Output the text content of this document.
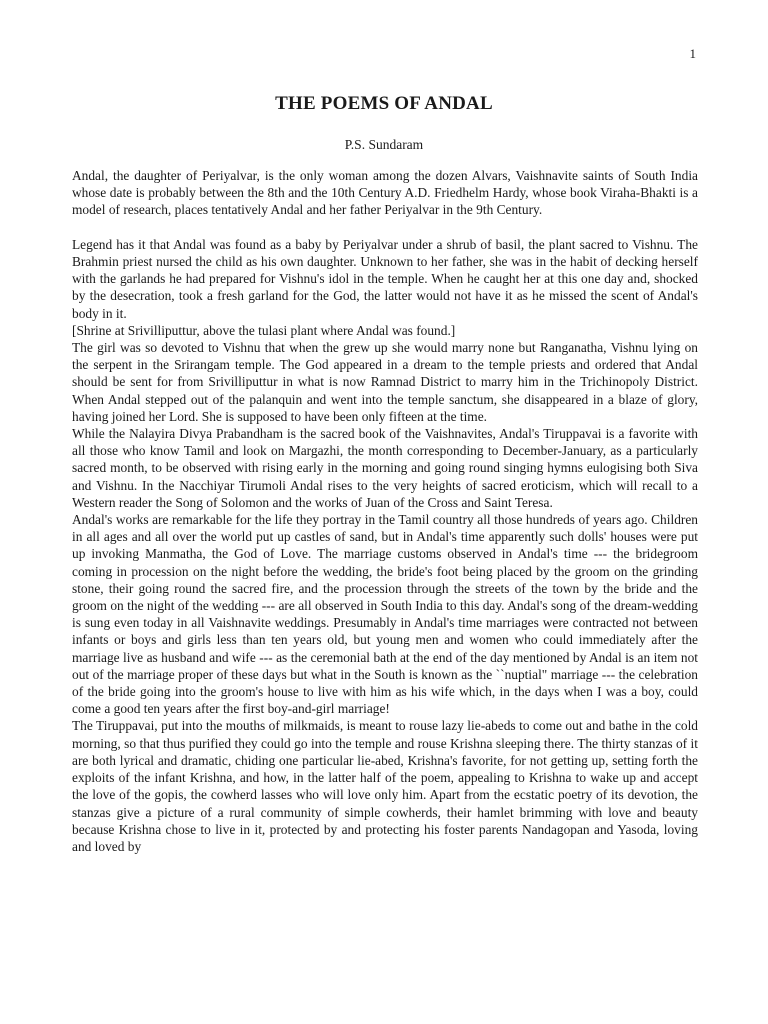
1
THE POEMS OF ANDAL
P.S. Sundaram

Andal, the daughter of Periyalvar, is the only woman among the dozen Alvars, Vaishnavite saints of South India whose date is probably between the 8th and the 10th Century A.D. Friedhelm Hardy, whose book Viraha-Bhakti is a model of research, places tentatively Andal and her father Periyalvar in the 9th Century.

Legend has it that Andal was found as a baby by Periyalvar under a shrub of basil, the plant sacred to Vishnu. The Brahmin priest nursed the child as his own daughter. Unknown to her father, she was in the habit of decking herself with the garlands he had prepared for Vishnu's idol in the temple. When he caught her at this one day and, shocked by the desecration, took a fresh garland for the God, the latter would not have it as he missed the scent of Andal's body in it.

[Shrine at Srivilliputtur, above the tulasi plant where Andal was found.]

The girl was so devoted to Vishnu that when the grew up she would marry none but Ranganatha, Vishnu lying on the serpent in the Srirangam temple. The God appeared in a dream to the temple priests and ordered that Andal should be sent for from Srivilliputtur in what is now Ramnad District to marry him in the Trichinopoly District. When Andal stepped out of the palanquin and went into the temple sanctum, she disappeared in a blaze of glory, having joined her Lord. She is supposed to have been only fifteen at the time.

While the Nalayira Divya Prabandham is the sacred book of the Vaishnavites, Andal's Tiruppavai is a favorite with all those who know Tamil and look on Margazhi, the month corresponding to December-January, as a particularly sacred month, to be observed with rising early in the morning and going round singing hymns eulogising both Siva and Vishnu. In the Nacchiyar Tirumoli Andal rises to the very heights of sacred eroticism, which will recall to a Western reader the Song of Solomon and the works of Juan of the Cross and Saint Teresa.

Andal's works are remarkable for the life they portray in the Tamil country all those hundreds of years ago. Children in all ages and all over the world put up castles of sand, but in Andal's time apparently such dolls' houses were put up invoking Manmatha, the God of Love. The marriage customs observed in Andal's time --- the bridegroom coming in procession on the night before the wedding, the bride's foot being placed by the groom on the grinding stone, their going round the sacred fire, and the procession through the streets of the town by the bride and the groom on the night of the wedding --- are all observed in South India to this day. Andal's song of the dream-wedding is sung even today in all Vaishnavite weddings. Presumably in Andal's time marriages were contracted not between infants or boys and girls less than ten years old, but young men and women who could immediately after the marriage live as husband and wife --- as the ceremonial bath at the end of the day mentioned by Andal is an item not out of the marriage proper of these days but what in the South is known as the ``nuptial" marriage --- the celebration of the bride going into the groom's house to live with him as his wife which, in the days when I was a boy, could come a good ten years after the first boy-and-girl marriage!

The Tiruppavai, put into the mouths of milkmaids, is meant to rouse lazy lie-abeds to come out and bathe in the cold morning, so that thus purified they could go into the temple and rouse Krishna sleeping there. The thirty stanzas of it are both lyrical and dramatic, chiding one particular lie-abed, Krishna's favorite, for not getting up, setting forth the exploits of the infant Krishna, and how, in the latter half of the poem, appealing to Krishna to wake up and accept the love of the gopis, the cowherd lasses who will love only him. Apart from the ecstatic poetry of its devotion, the stanzas give a picture of a rural community of simple cowherds, their hamlet brimming with love and beauty because Krishna chose to live in it, protected by and protecting his foster parents Nandagopan and Yasoda, loving and loved by
